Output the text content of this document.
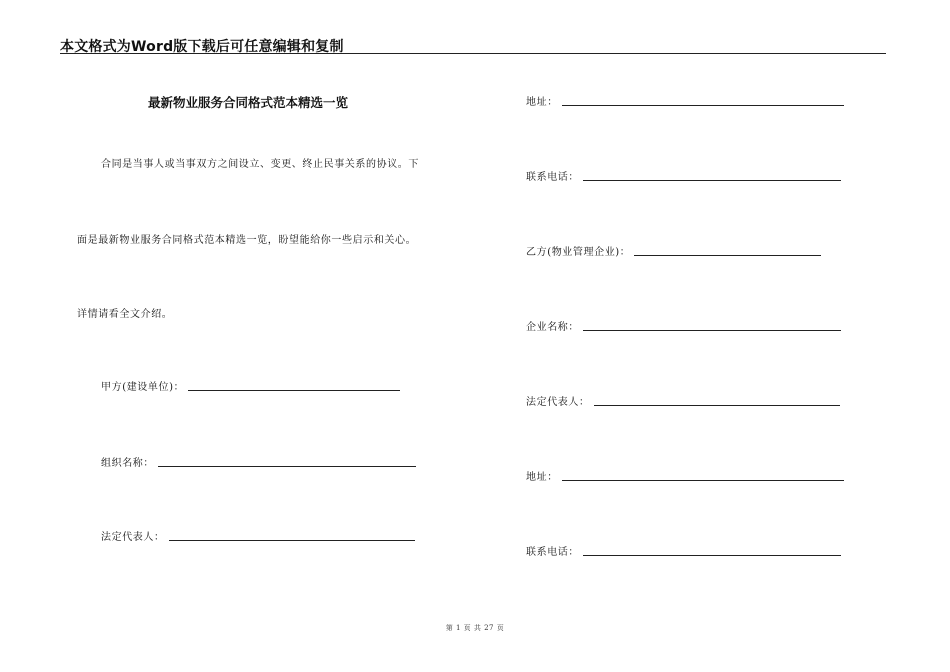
本文格式为Word版下载后可任意编辑和复制
最新物业服务合同格式范本精选一览
合同是当事人或当事双方之间设立、变更、终止民事关系的协议。下
面是最新物业服务合同格式范本精选一览，盼望能给你一些启示和关心。
详情请看全文介绍。
甲方(建设单位)：
组织名称：
法定代表人：
地址：
联系电话：
乙方(物业管理企业)：
企业名称：
法定代表人：
地址：
联系电话：
第 1 页 共 27 页
